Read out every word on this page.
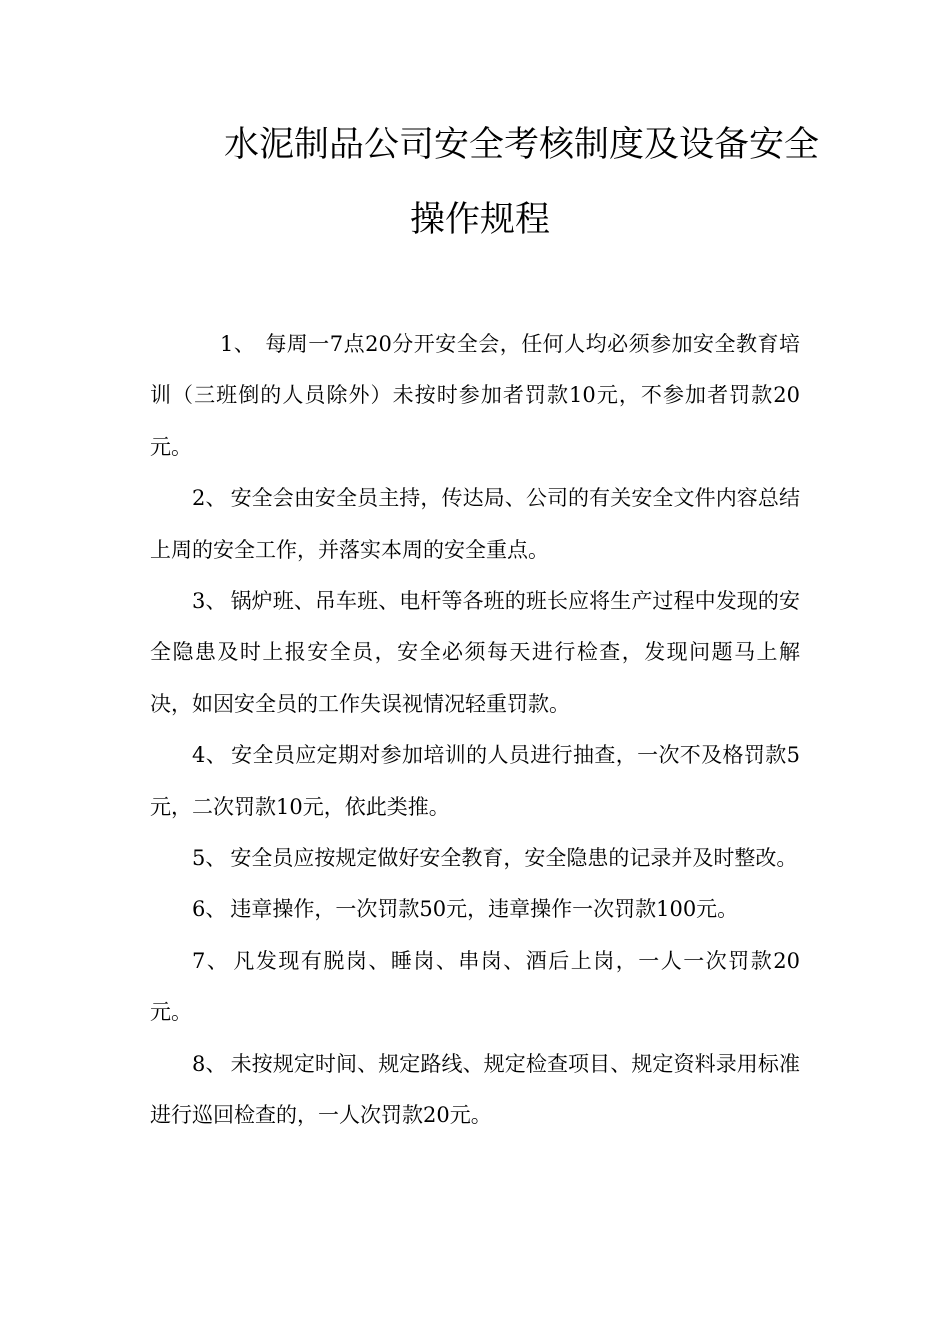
水泥制品公司安全考核制度及设备安全
操作规程

1、 每周一7点20分开安全会，任何人均必须参加安全教育培训（三班倒的人员除外）未按时参加者罚款10元，不参加者罚款20元。

2、 安全会由安全员主持，传达局、公司的有关安全文件内容总结上周的安全工作，并落实本周的安全重点。

3、 锅炉班、吊车班、电杆等各班的班长应将生产过程中发现的安全隐患及时上报安全员，安全必须每天进行检查，发现问题马上解决，如因安全员的工作失误视情况轻重罚款。

4、 安全员应定期对参加培训的人员进行抽查，一次不及格罚款5元，二次罚款10元，依此类推。

5、 安全员应按规定做好安全教育，安全隐患的记录并及时整改。

6、 违章操作，一次罚款50元，违章操作一次罚款100元。

7、 凡发现有脱岗、睡岗、串岗、酒后上岗，一人一次罚款20元。

8、 未按规定时间、规定路线、规定检查项目、规定资料录用标准进行巡回检查的，一人次罚款20元。
